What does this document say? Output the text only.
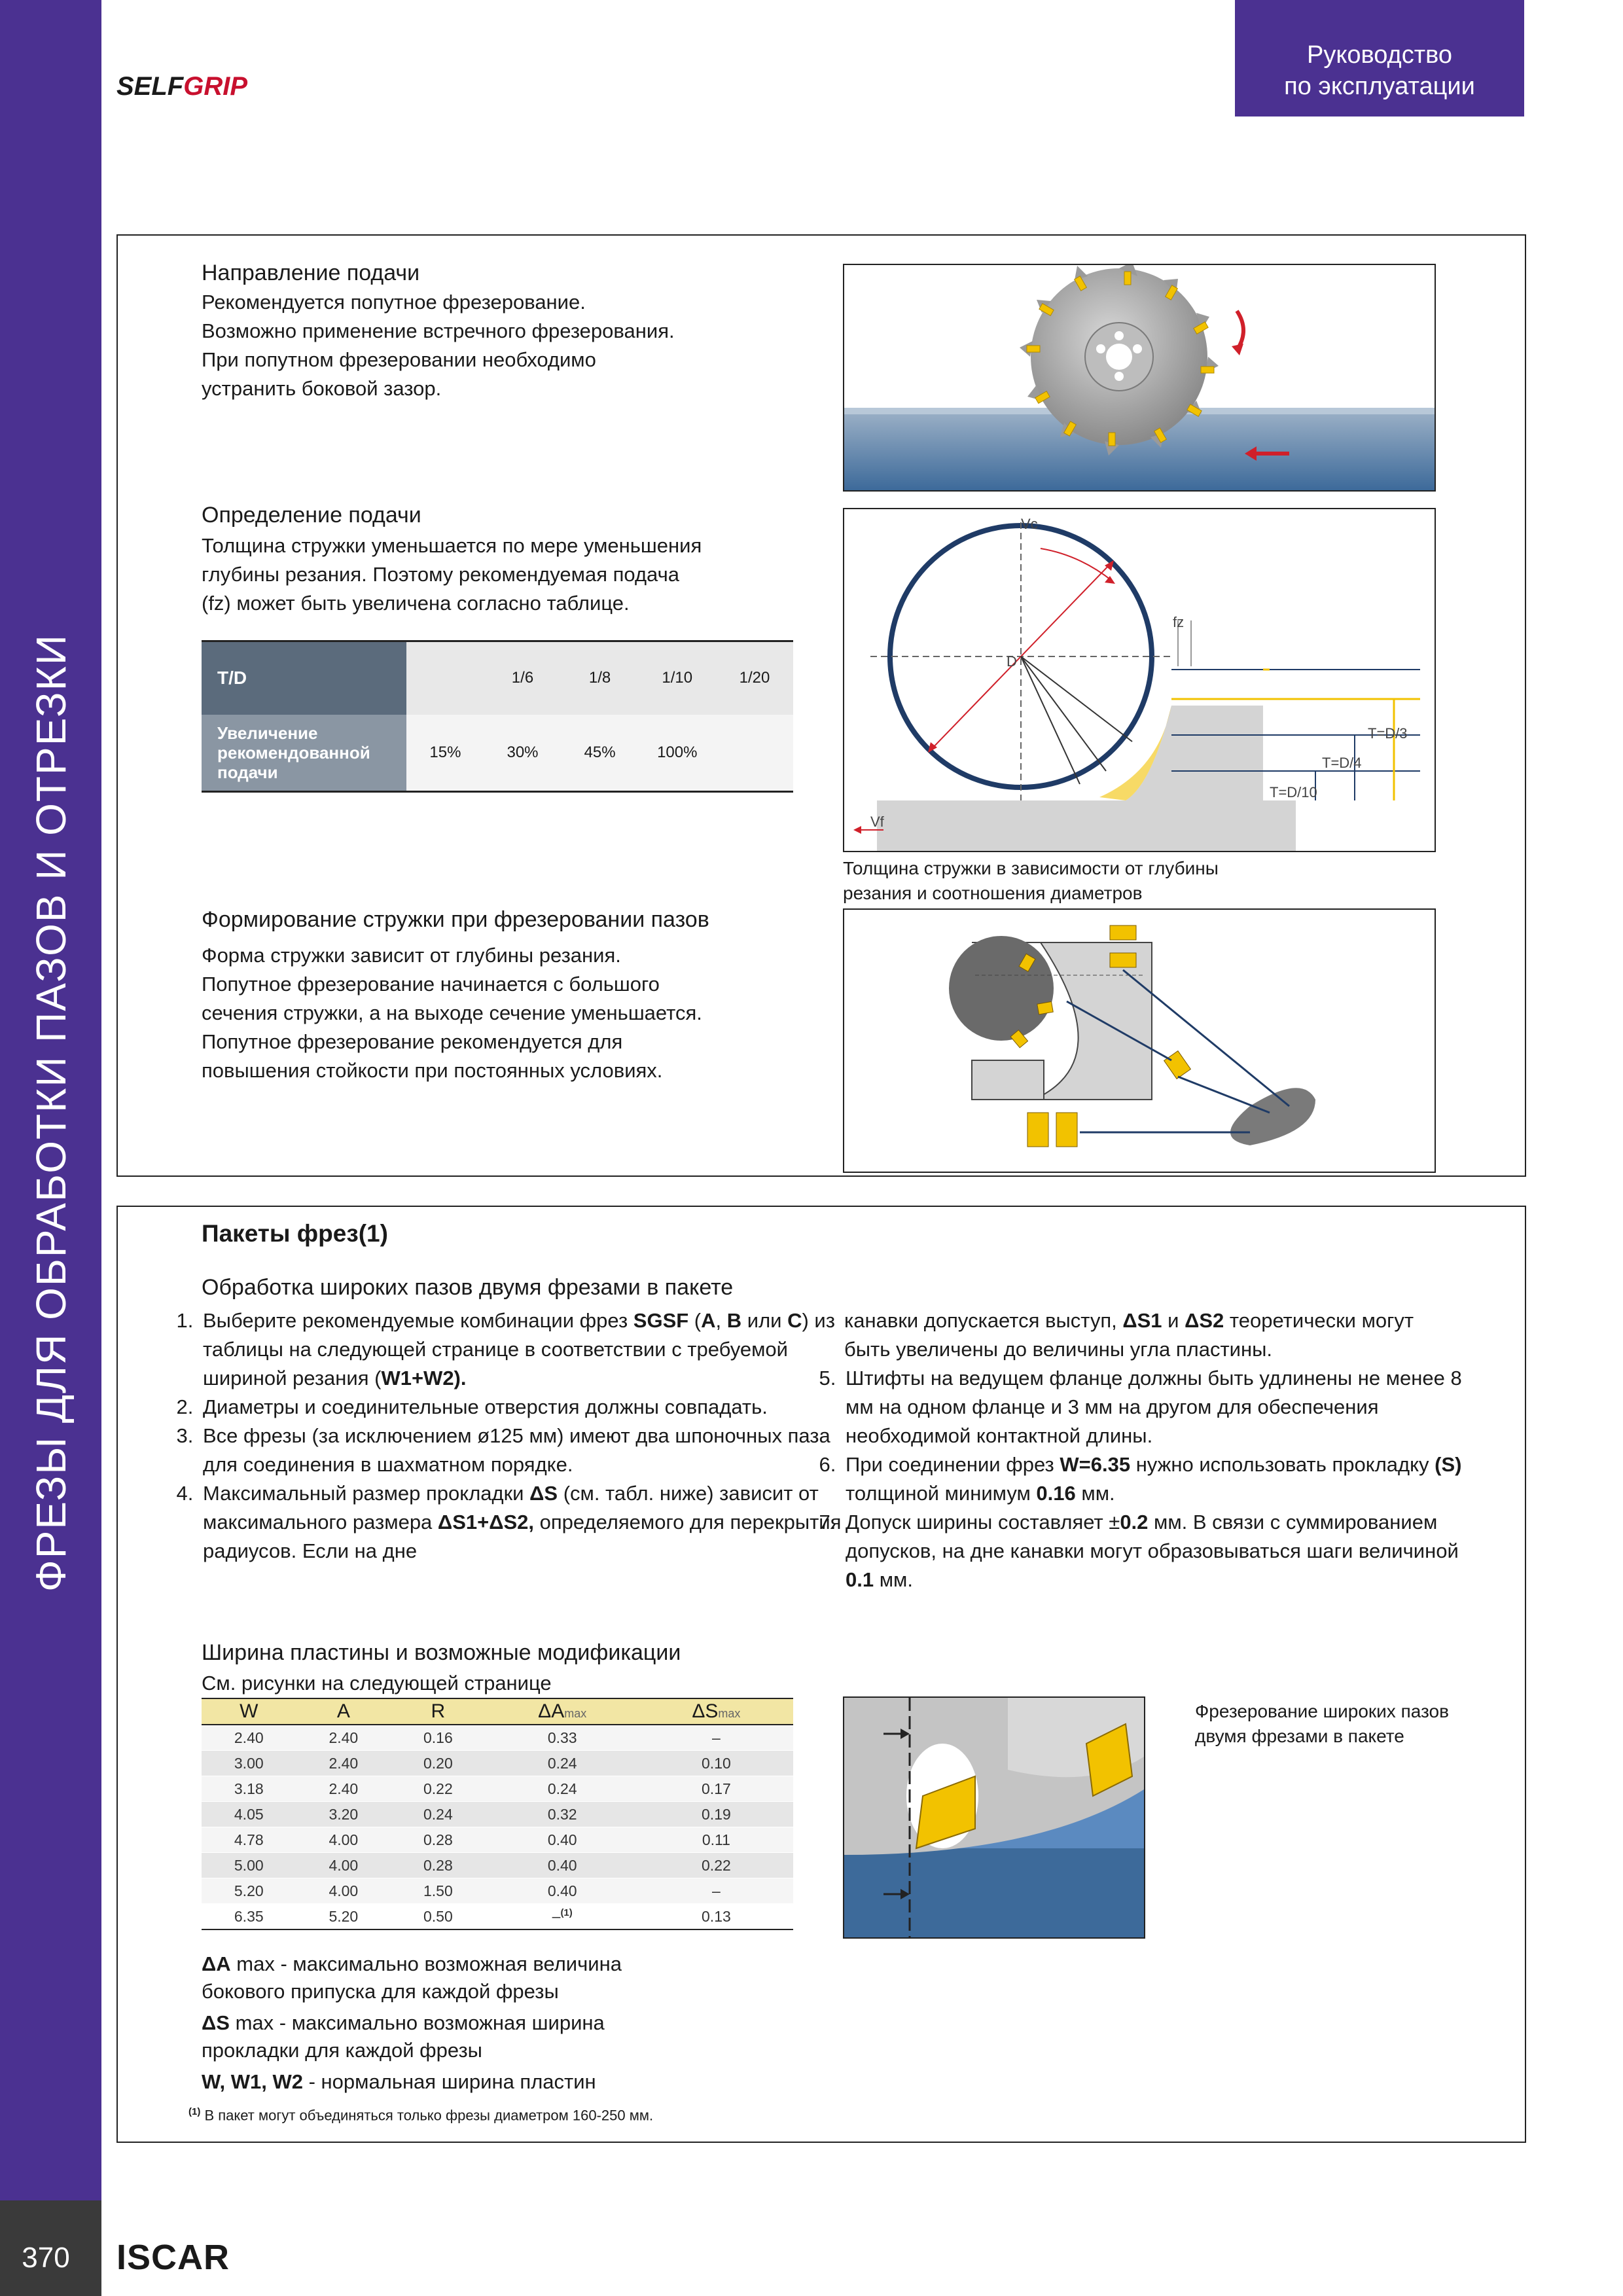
ФРЕЗЫ ДЛЯ ОБРАБОТКИ ПАЗОВ И ОТРЕЗКИ
370	ISCAR
SELFGRIP
Руководство
по эксплуатации
Направление подачи
Рекомендуется попутное фрезерование.
Возможно применение встречного фрезерования.
При попутном фрезеровании необходимо
устранить боковой зазор.
Определение подачи
Толщина стружки уменьшается по мере уменьшения
глубины резания. Поэтому рекомендуемая подача
(fz) может быть увеличена согласно таблице.
T/D		1/6	1/8	1/10	1/20

Увеличение
рекомендованной
подачи	15%	30%	45%	100%	
Vc
fz
D
Vf
T=D/3
T=D/4
T=D/10
Толщина стружки в зависимости от глубины
резания и соотношения диаметров
Формирование стружки при фрезеровании пазов
Форма стружки зависит от глубины резания.
Попутное фрезерование начинается с большого
сечения стружки, а на выходе сечение уменьшается.
Попутное фрезерование рекомендуется для
повышения стойкости при постоянных условиях.
Пакеты фрез(1)
Обработка широких пазов двумя фрезами в пакете
1. Выберите рекомендуемые комбинации фрез SGSF (A, B или C) из таблицы на следующей странице в соответствии с требуемой шириной резания (W1+W2).
2. Диаметры и соединительные отверстия должны совпадать.
3. Все фрезы (за исключением ø125 мм) имеют два шпоночных паза для соединения в шахматном порядке.
4. Максимальный размер прокладки ΔS (см. табл. ниже) зависит от максимального размера ΔS1+ΔS2, определяемого для перекрытия радиусов. Если на дне
канавки допускается выступ, ΔS1 и ΔS2 теоретически могут быть увеличены до величины угла пластины.
5. Штифты на ведущем фланце должны быть удлинены не менее 8 мм на одном фланце и 3 мм на другом для обеспечения необходимой контактной длины.
6. При соединении фрез W=6.35 нужно использовать прокладку (S) толщиной минимум 0.16 мм.
7. Допуск ширины составляет ±0.2 мм. В связи с суммированием допусков, на дне канавки могут образовываться шаги величиной 0.1 мм.
Ширина пластины и возможные модификации
См. рисунки на следующей странице
W	A	R	ΔAmax	ΔSmax
2.40	2.40	0.16	0.33	–
3.00	2.40	0.20	0.24	0.10
3.18	2.40	0.22	0.24	0.17
4.05	3.20	0.24	0.32	0.19
4.78	4.00	0.28	0.40	0.11
5.00	4.00	0.28	0.40	0.22
5.20	4.00	1.50	0.40	–
6.35	5.20	0.50	–$^{(1)}$	0.13
ΔA max - максимально возможная величина
бокового припуска для каждой фрезы
ΔS max - максимально возможная ширина
прокладки для каждой фрезы
W, W1, W2 - нормальная ширина пластин
$^{(1)}$ В пакет могут объединяться только фрезы диаметром 160-250 мм.
Фрезерование широких пазов
двумя фрезами в пакете
